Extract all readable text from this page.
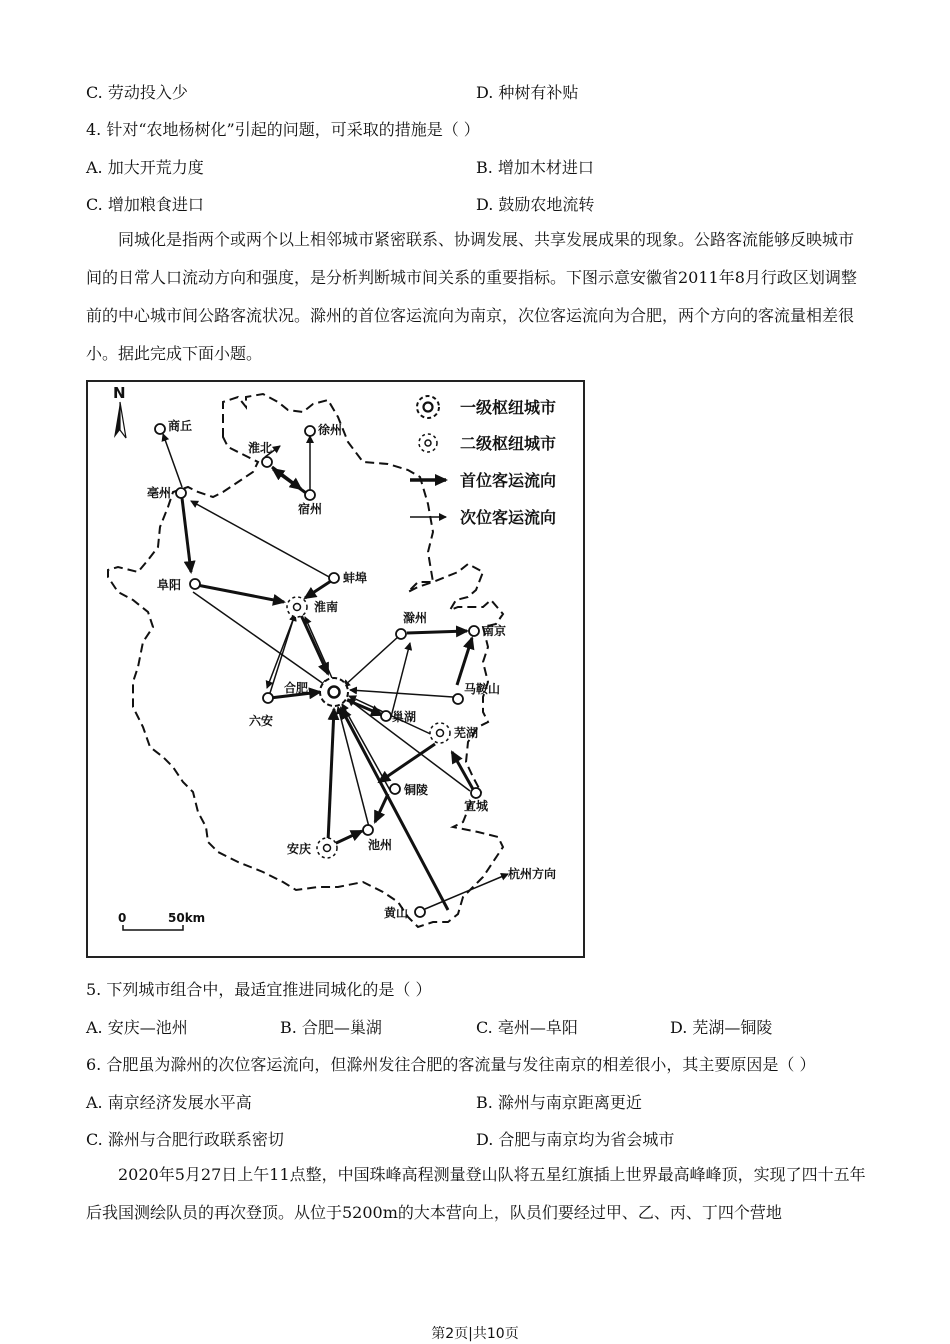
C. 劳动投入少	D. 种树有补贴
4. 针对“农地杨树化”引起的问题，可采取的措施是（ ）
A. 加大开荒力度	B. 增加木材进口
C. 增加粮食进口	D. 鼓励农地流转
同城化是指两个或两个以上相邻城市紧密联系、协调发展、共享发展成果的现象。公路客流能够反映城市间的日常人口流动方向和强度，是分析判断城市间关系的重要指标。下图示意安徽省2011年8月行政区划调整前的中心城市间公路客流状况。滁州的首位客运流向为南京，次位客运流向为合肥，两个方向的客流量相差很小。据此完成下面小题。
N
一级枢纽城市
二级枢纽城市
首位客运流向
次位客运流向
商丘
淮北
徐州
宿州
亳州
阜阳	蚌埠
淮南
滁州
南京
合肥
六安
马鞍山
巢湖
芜湖
铜陵
宣城
安庆	池州
杭州方向
黄山
0	50km
5. 下列城市组合中，最适宜推进同城化的是（ ）
A. 安庆—池州	B. 合肥—巢湖	C. 亳州—阜阳	D. 芜湖—铜陵
6. 合肥虽为滁州的次位客运流向，但滁州发往合肥的客流量与发往南京的相差很小，其主要原因是（ ）
A. 南京经济发展水平高	B. 滁州与南京距离更近
C. 滁州与合肥行政联系密切	D. 合肥与南京均为省会城市
2020年5月27日上午11点整，中国珠峰高程测量登山队将五星红旗插上世界最高峰峰顶，实现了四十五年后我国测绘队员的再次登顶。从位于5200m的大本营向上，队员们要经过甲、乙、丙、丁四个营地
第2页|共10页
